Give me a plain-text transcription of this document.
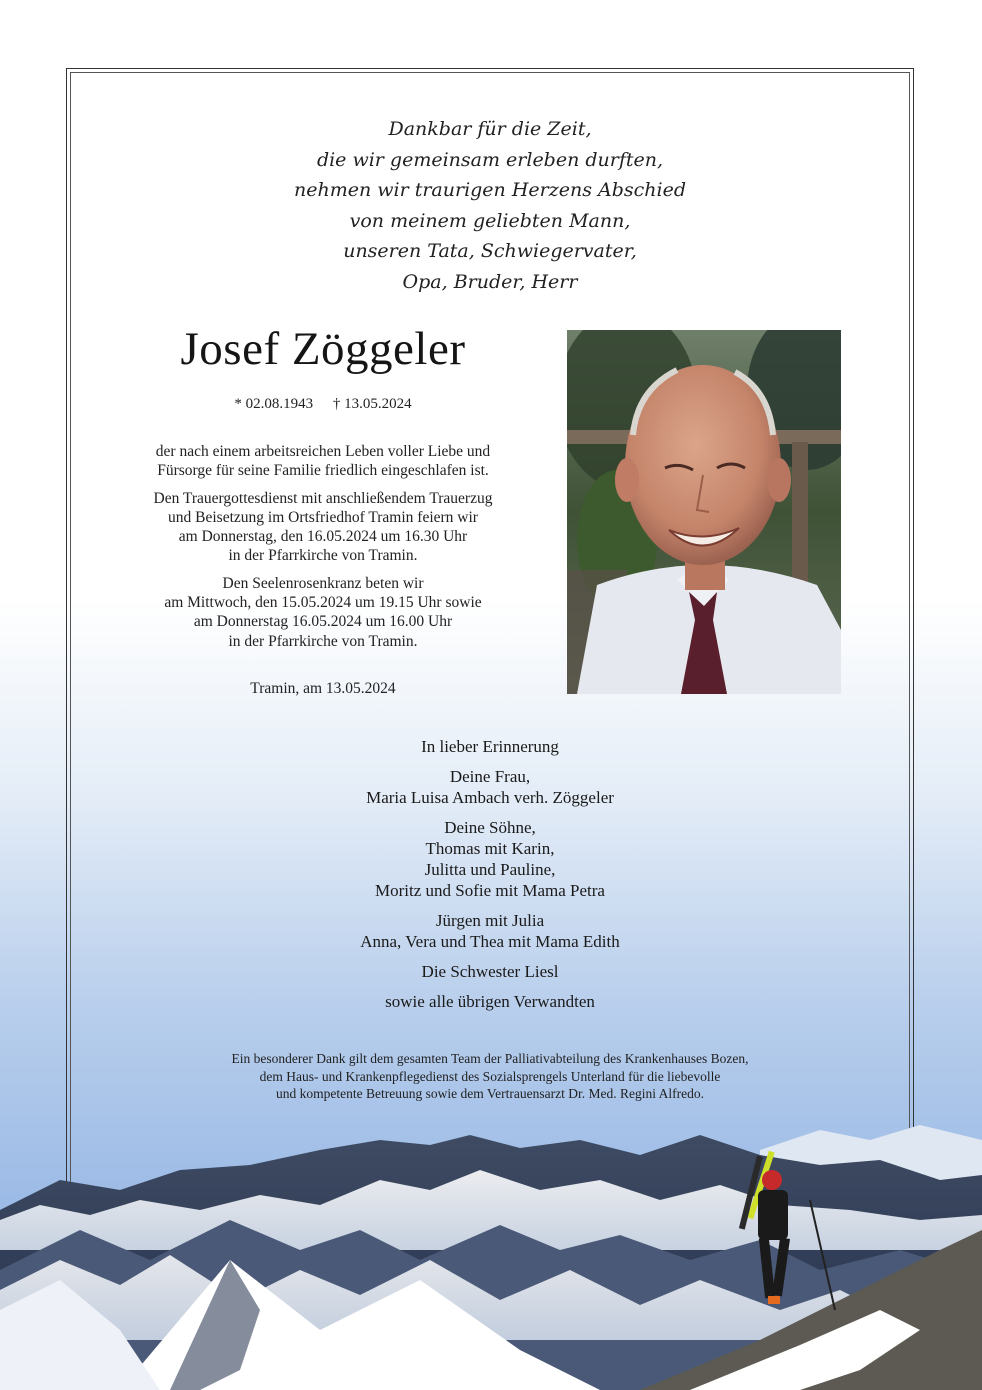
Dankbar für die Zeit,
die wir gemeinsam erleben durften,
nehmen wir traurigen Herzens Abschied
von meinem geliebten Mann,
unseren Tata, Schwiegervater,
Opa, Bruder, Herr
Josef Zöggeler
* 02.08.1943 † 13.05.2024

der nach einem arbeitsreichen Leben voller Liebe und
Fürsorge für seine Familie friedlich eingeschlafen ist.

Den Trauergottesdienst mit anschließendem Trauerzug
und Beisetzung im Ortsfriedhof Tramin feiern wir
am Donnerstag, den 16.05.2024 um 16.30 Uhr
in der Pfarrkirche von Tramin.

Den Seelenrosenkranz beten wir
am Mittwoch, den 15.05.2024 um 19.15 Uhr sowie
am Donnerstag 16.05.2024 um 16.00 Uhr
in der Pfarrkirche von Tramin.

Tramin, am 13.05.2024
In lieber Erinnerung
Deine Frau,
Maria Luisa Ambach verh. Zöggeler
Deine Söhne,
Thomas mit Karin,
Julitta und Pauline,
Moritz und Sofie mit Mama Petra
Jürgen mit Julia
Anna, Vera und Thea mit Mama Edith
Die Schwester Liesl
sowie alle übrigen Verwandten
Ein besonderer Dank gilt dem gesamten Team der Palliativabteilung des Krankenhauses Bozen,
dem Haus- und Krankenpflegedienst des Sozialsprengels Unterland für die liebevolle
und kompetente Betreuung sowie dem Vertrauensarzt Dr. Med. Regini Alfredo.
